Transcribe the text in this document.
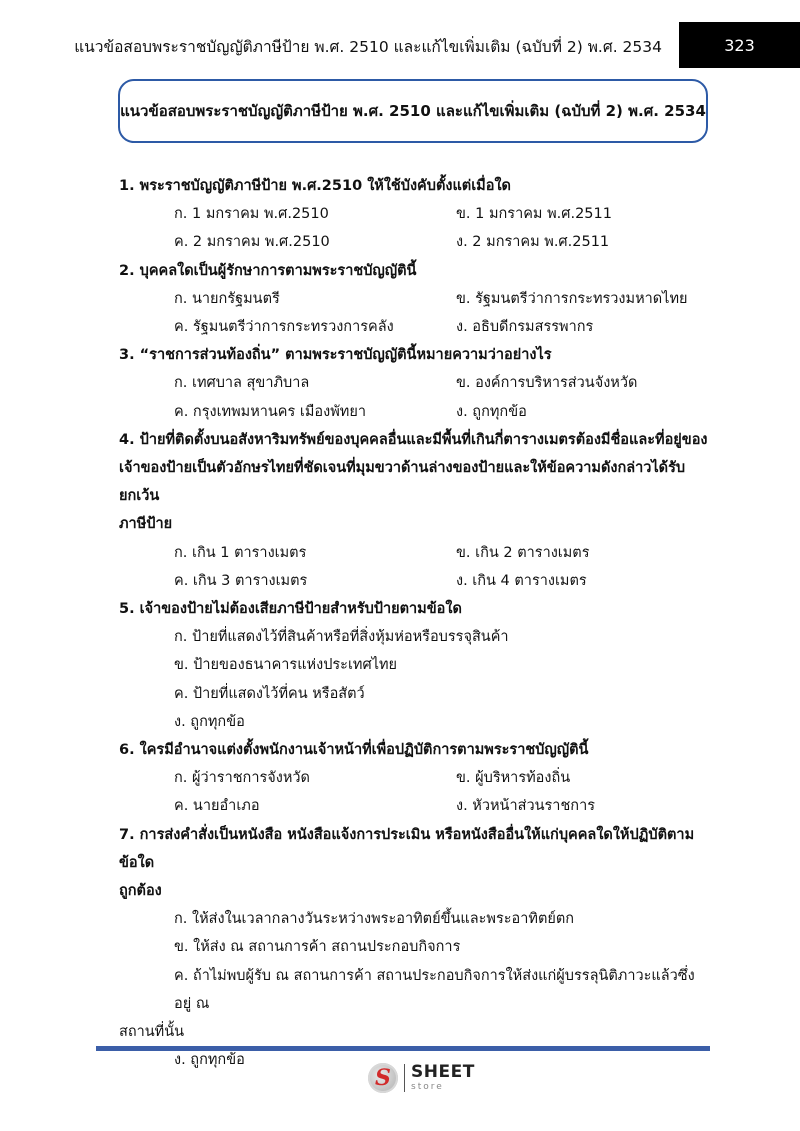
แนวข้อสอบพระราชบัญญัติภาษีป้าย พ.ศ. 2510 และแก้ไขเพิ่มเติม (ฉบับที่ 2) พ.ศ. 2534	323
แนวข้อสอบพระราชบัญญัติภาษีป้าย พ.ศ. 2510 และแก้ไขเพิ่มเติม (ฉบับที่ 2) พ.ศ. 2534
1. พระราชบัญญัติภาษีป้าย พ.ศ.2510 ให้ใช้บังคับตั้งแต่เมื่อใด
ก. 1 มกราคม พ.ศ.2510	ข. 1 มกราคม พ.ศ.2511
ค. 2 มกราคม พ.ศ.2510	ง. 2 มกราคม พ.ศ.2511
2. บุคคลใดเป็นผู้รักษาการตามพระราชบัญญัตินี้
ก. นายกรัฐมนตรี	ข. รัฐมนตรีว่าการกระทรวงมหาดไทย
ค. รัฐมนตรีว่าการกระทรวงการคลัง	ง. อธิบดีกรมสรรพากร
3. “ราชการส่วนท้องถิ่น” ตามพระราชบัญญัตินี้หมายความว่าอย่างไร
ก. เทศบาล สุขาภิบาล	ข. องค์การบริหารส่วนจังหวัด
ค. กรุงเทพมหานคร เมืองพัทยา	ง. ถูกทุกข้อ
4. ป้ายที่ติดตั้งบนอสังหาริมทรัพย์ของบุคคลอื่นและมีพื้นที่เกินกี่ตารางเมตรต้องมีชื่อและที่อยู่ของ
เจ้าของป้ายเป็นตัวอักษรไทยที่ชัดเจนที่มุมขวาด้านล่างของป้ายและให้ข้อความดังกล่าวได้รับยกเว้น
ภาษีป้าย
ก. เกิน 1 ตารางเมตร	ข. เกิน 2 ตารางเมตร
ค. เกิน 3 ตารางเมตร	ง. เกิน 4 ตารางเมตร
5. เจ้าของป้ายไม่ต้องเสียภาษีป้ายสำหรับป้ายตามข้อใด
ก. ป้ายที่แสดงไว้ที่สินค้าหรือที่สิ่งหุ้มห่อหรือบรรจุสินค้า
ข. ป้ายของธนาคารแห่งประเทศไทย
ค. ป้ายที่แสดงไว้ที่คน หรือสัตว์
ง. ถูกทุกข้อ
6. ใครมีอำนาจแต่งตั้งพนักงานเจ้าหน้าที่เพื่อปฏิบัติการตามพระราชบัญญัตินี้
ก. ผู้ว่าราชการจังหวัด	ข. ผู้บริหารท้องถิ่น
ค. นายอำเภอ	ง. หัวหน้าส่วนราชการ
7. การส่งคำสั่งเป็นหนังสือ หนังสือแจ้งการประเมิน หรือหนังสืออื่นให้แก่บุคคลใดให้ปฏิบัติตามข้อใด
ถูกต้อง
ก. ให้ส่งในเวลากลางวันระหว่างพระอาทิตย์ขึ้นและพระอาทิตย์ตก
ข. ให้ส่ง ณ สถานการค้า สถานประกอบกิจการ
ค. ถ้าไม่พบผู้รับ ณ สถานการค้า สถานประกอบกิจการให้ส่งแก่ผู้บรรลุนิติภาวะแล้วซึ่งอยู่ ณ
สถานที่นั้น
ง. ถูกทุกข้อ
S	SHEET
store
